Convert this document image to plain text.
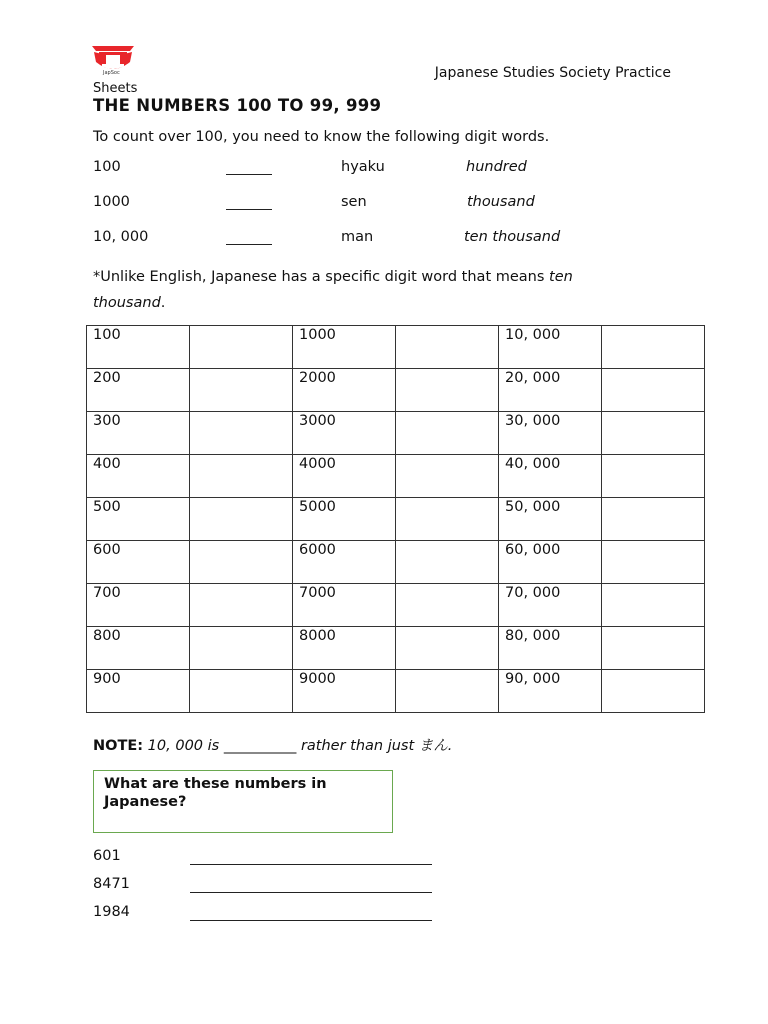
JapSoc	Japanese Studies Society Practice
Sheets
THE NUMBERS 100 TO 99, 999
To count over 100, you need to know the following digit words.
100	hyaku	hundred
1000	sen	thousand
10, 000	man	ten thousand
*Unlike English, Japanese has a specific digit word that means ten thousand.
100		1000		10, 000	
200		2000		20, 000	
300		3000		30, 000	
400		4000		40, 000	
500		5000		50, 000	
600		6000		60, 000	
700		7000		70, 000	
800		8000		80, 000	
900		9000		90, 000	
NOTE: 10, 000 is __________ rather than just まん.
What are these numbers in Japanese?
601
8471
1984
